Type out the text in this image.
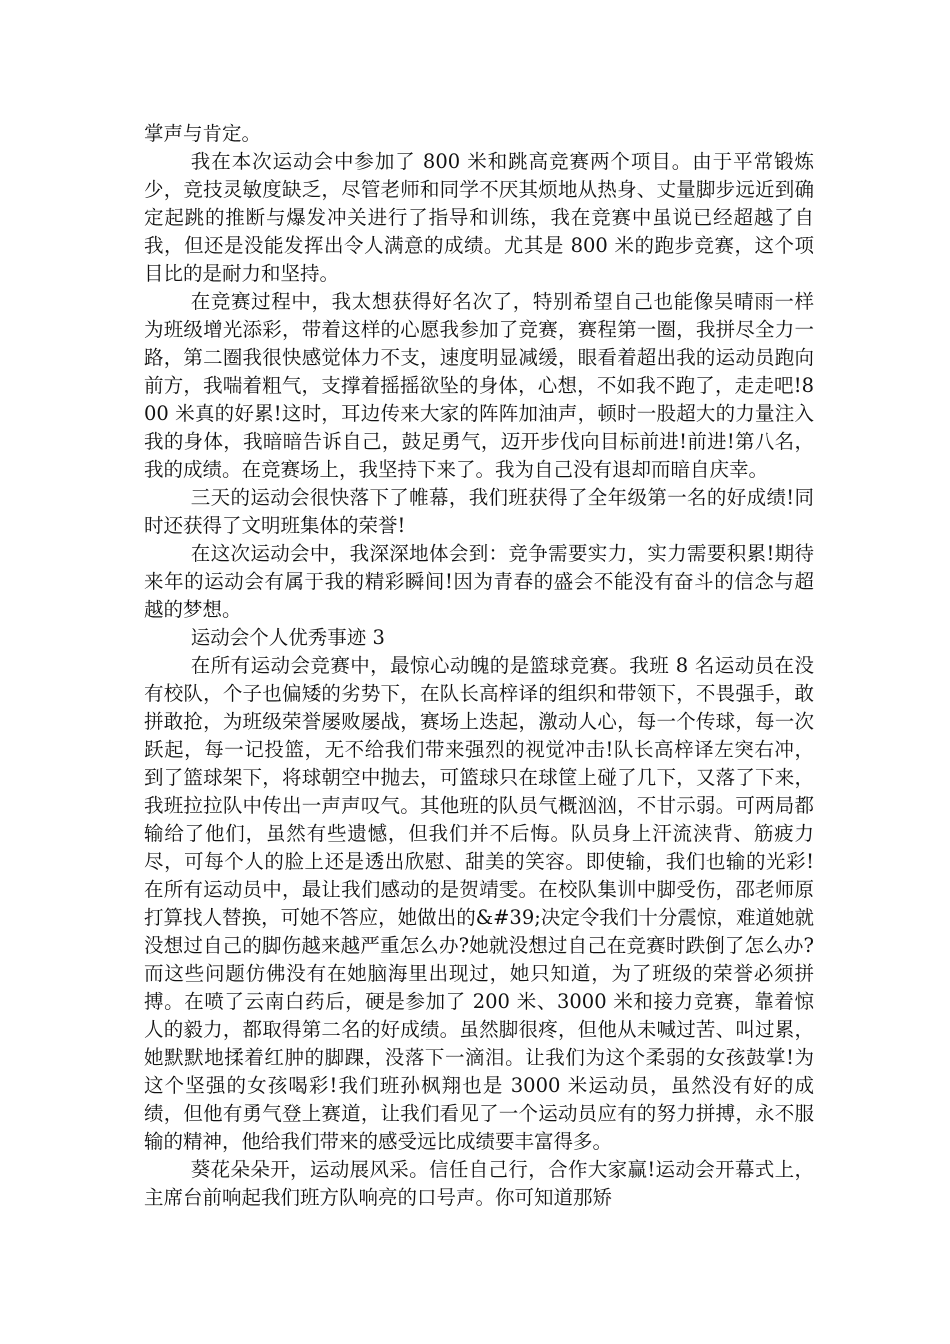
掌声与肯定。

我在本次运动会中参加了 800 米和跳高竞赛两个项目。由于平常锻炼少，竞技灵敏度缺乏，尽管老师和同学不厌其烦地从热身、丈量脚步远近到确定起跳的推断与爆发冲关进行了指导和训练，我在竞赛中虽说已经超越了自我，但还是没能发挥出令人满意的成绩。尤其是 800 米的跑步竞赛，这个项目比的是耐力和坚持。

在竞赛过程中，我太想获得好名次了，特别希望自己也能像吴晴雨一样为班级增光添彩，带着这样的心愿我参加了竞赛，赛程第一圈，我拼尽全力一路，第二圈我很快感觉体力不支，速度明显减缓，眼看着超出我的运动员跑向前方，我喘着粗气，支撑着摇摇欲坠的身体，心想，不如我不跑了，走走吧!800 米真的好累!这时，耳边传来大家的阵阵加油声，顿时一股超大的力量注入我的身体，我暗暗告诉自己，鼓足勇气，迈开步伐向目标前进!前进!第八名，我的成绩。在竞赛场上，我坚持下来了。我为自己没有退却而暗自庆幸。

三天的运动会很快落下了帷幕，我们班获得了全年级第一名的好成绩!同时还获得了文明班集体的荣誉!

在这次运动会中，我深深地体会到：竞争需要实力，实力需要积累!期待来年的运动会有属于我的精彩瞬间!因为青春的盛会不能没有奋斗的信念与超越的梦想。

运动会个人优秀事迹 3

在所有运动会竞赛中，最惊心动魄的是篮球竞赛。我班 8 名运动员在没有校队，个子也偏矮的劣势下，在队长高梓译的组织和带领下，不畏强手，敢拼敢抢，为班级荣誉屡败屡战，赛场上迭起，激动人心，每一个传球，每一次跃起，每一记投篮，无不给我们带来强烈的视觉冲击!队长高梓译左突右冲，到了篮球架下，将球朝空中抛去，可篮球只在球筐上碰了几下，又落了下来，我班拉拉队中传出一声声叹气。其他班的队员气概汹汹，不甘示弱。可两局都输给了他们，虽然有些遗憾，但我们并不后悔。队员身上汗流浃背、筋疲力尽，可每个人的脸上还是透出欣慰、甜美的笑容。即使输，我们也输的光彩!在所有运动员中，最让我们感动的是贺靖雯。在校队集训中脚受伤，邵老师原打算找人替换，可她不答应，她做出的&#39;决定令我们十分震惊，难道她就没想过自己的脚伤越来越严重怎么办?她就没想过自己在竞赛时跌倒了怎么办?而这些问题仿佛没有在她脑海里出现过，她只知道，为了班级的荣誉必须拼搏。在喷了云南白药后，硬是参加了 200 米、3000 米和接力竞赛，靠着惊人的毅力，都取得第二名的好成绩。虽然脚很疼，但他从未喊过苦、叫过累，她默默地揉着红肿的脚踝，没落下一滴泪。让我们为这个柔弱的女孩鼓掌!为这个坚强的女孩喝彩!我们班孙枫翔也是 3000 米运动员，虽然没有好的成绩，但他有勇气登上赛道，让我们看见了一个运动员应有的努力拼搏，永不服输的精神，他给我们带来的感受远比成绩要丰富得多。

葵花朵朵开，运动展风采。信任自己行，合作大家赢!运动会开幕式上，主席台前响起我们班方队响亮的口号声。你可知道那矫
